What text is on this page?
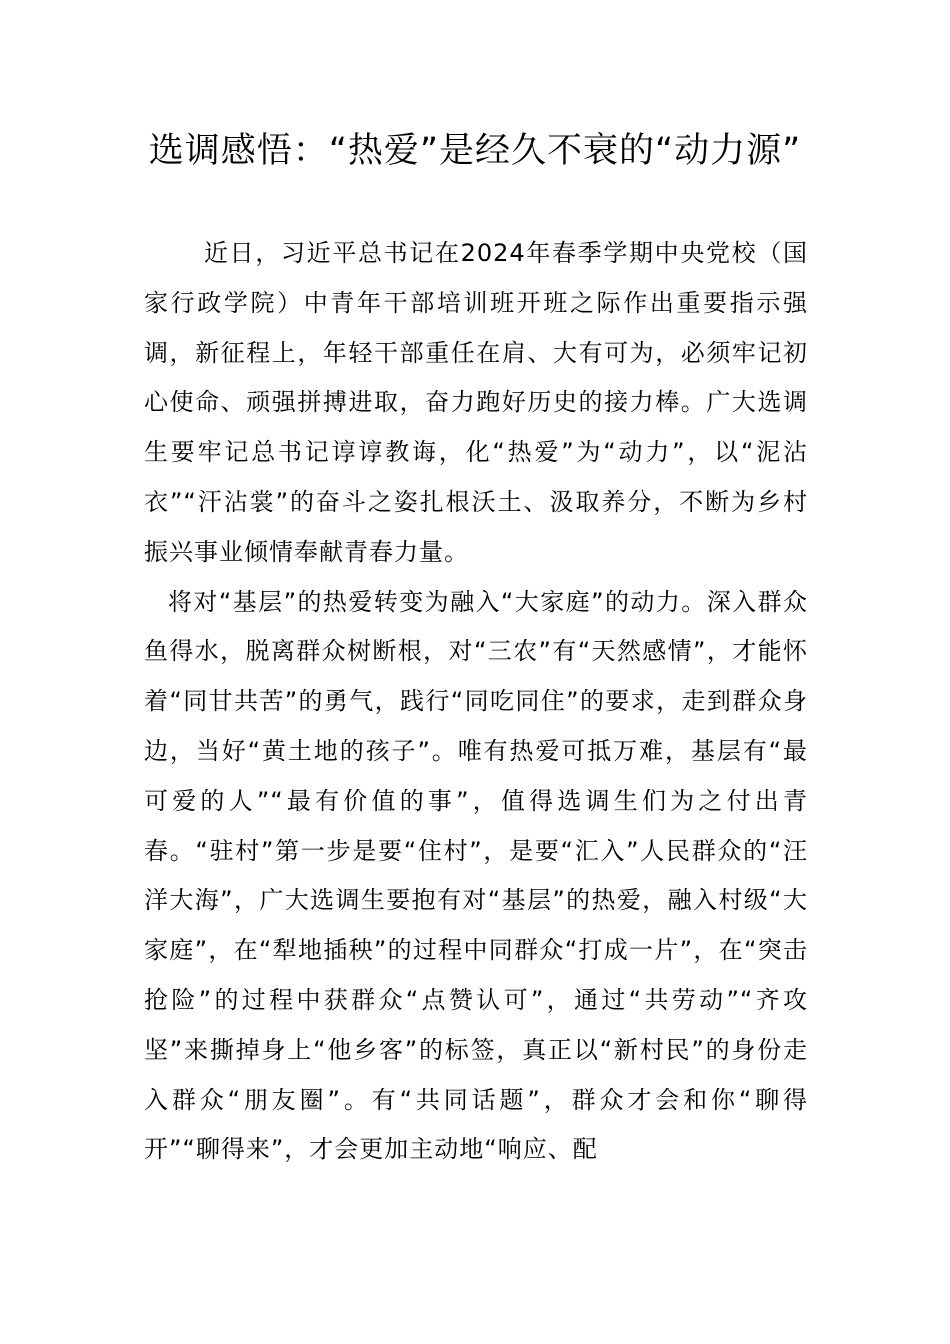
选调感悟：“热爱”是经久不衰的“动力源”

近日，习近平总书记在2024年春季学期中央党校（国家行政学院）中青年干部培训班开班之际作出重要指示强调，新征程上，年轻干部重任在肩、大有可为，必须牢记初心使命、顽强拼搏进取，奋力跑好历史的接力棒。广大选调生要牢记总书记谆谆教诲，化“热爱”为“动力”，以“泥沾衣”“汗沾裳”的奋斗之姿扎根沃土、汲取养分，不断为乡村振兴事业倾情奉献青春力量。

将对“基层”的热爱转变为融入“大家庭”的动力。深入群众鱼得水，脱离群众树断根，对“三农”有“天然感情”，才能怀着“同甘共苦”的勇气，践行“同吃同住”的要求，走到群众身边，当好“黄土地的孩子”。唯有热爱可抵万难，基层有“最可爱的人”“最有价值的事”，值得选调生们为之付出青春。“驻村”第一步是要“住村”，是要“汇入”人民群众的“汪洋大海”，广大选调生要抱有对“基层”的热爱，融入村级“大家庭”，在“犁地插秧”的过程中同群众“打成一片”，在“突击抢险”的过程中获群众“点赞认可”，通过“共劳动”“齐攻坚”来撕掉身上“他乡客”的标签，真正以“新村民”的身份走入群众“朋友圈”。有“共同话题”，群众才会和你“聊得开”“聊得来”，才会更加主动地“响应、配
